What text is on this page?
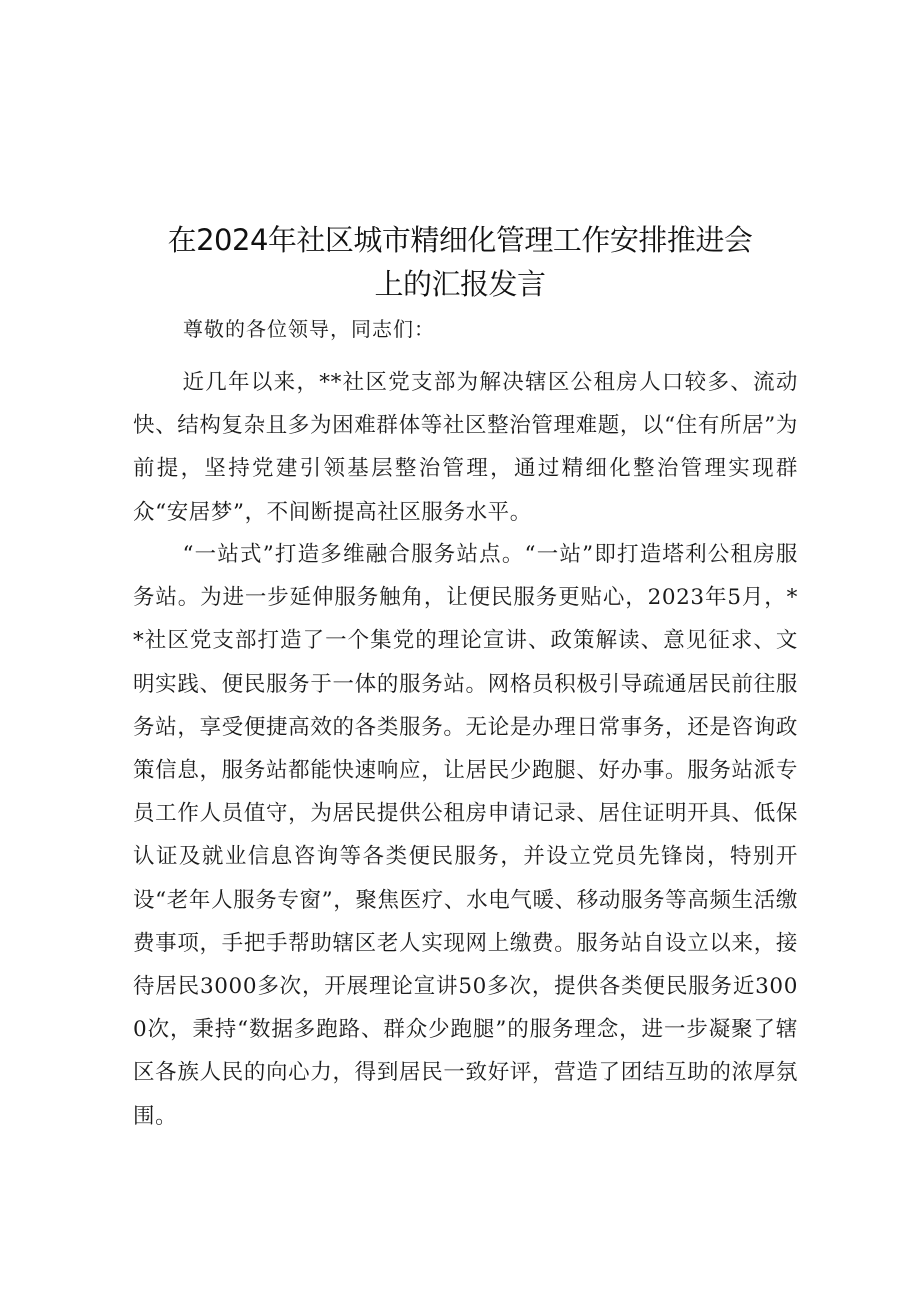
在2024年社区城市精细化管理工作安排推进会
上的汇报发言

尊敬的各位领导，同志们：

近几年以来，**社区党支部为解决辖区公租房人口较多、流动快、结构复杂且多为困难群体等社区整治管理难题，以“住有所居”为前提，坚持党建引领基层整治管理，通过精细化整治管理实现群众“安居梦”，不间断提高社区服务水平。

“一站式”打造多维融合服务站点。“一站”即打造塔利公租房服务站。为进一步延伸服务触角，让便民服务更贴心，2023年5月，**社区党支部打造了一个集党的理论宣讲、政策解读、意见征求、文明实践、便民服务于一体的服务站。网格员积极引导疏通居民前往服务站，享受便捷高效的各类服务。无论是办理日常事务，还是咨询政策信息，服务站都能快速响应，让居民少跑腿、好办事。服务站派专员工作人员值守，为居民提供公租房申请记录、居住证明开具、低保认证及就业信息咨询等各类便民服务，并设立党员先锋岗，特别开设“老年人服务专窗”，聚焦医疗、水电气暖、移动服务等高频生活缴费事项，手把手帮助辖区老人实现网上缴费。服务站自设立以来，接待居民3000多次，开展理论宣讲50多次，提供各类便民服务近3000次，秉持“数据多跑路、群众少跑腿”的服务理念，进一步凝聚了辖区各族人民的向心力，得到居民一致好评，营造了团结互助的浓厚氛围。
